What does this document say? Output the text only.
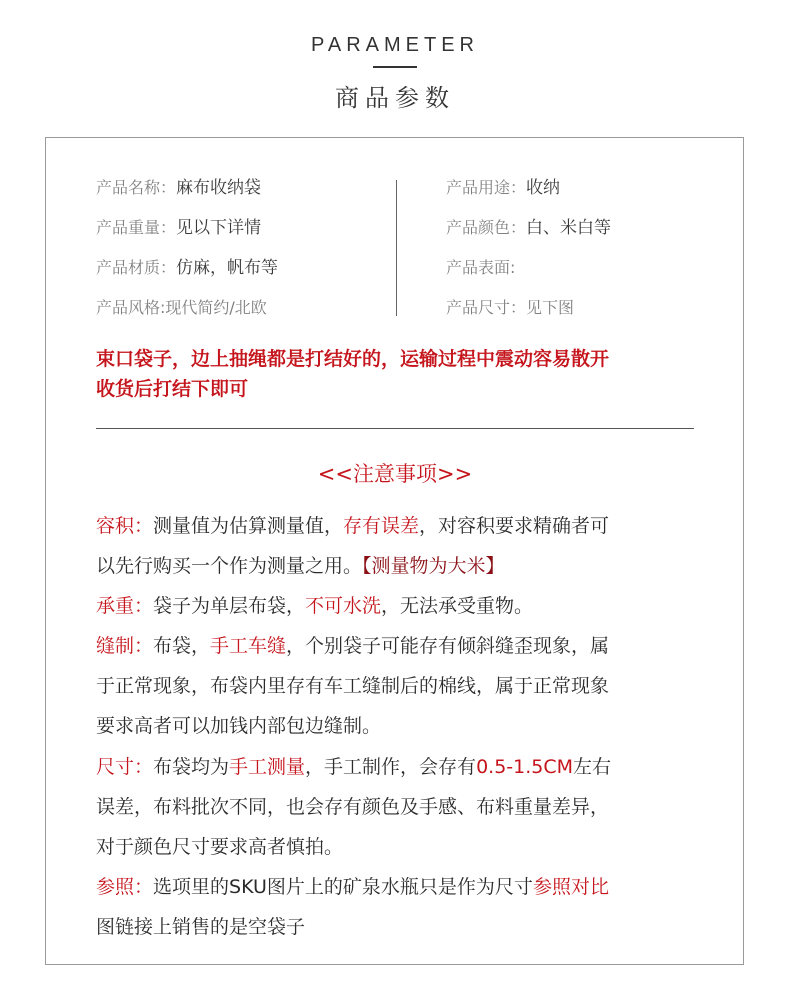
PARAMETER
商品参数
产品名称：麻布收纳袋
产品重量：见以下详情
产品材质：仿麻，帆布等
产品风格:现代简约/北欧
产品用途：收纳
产品颜色：白、米白等
产品表面:
产品尺寸：见下图
束口袋子，边上抽绳都是打结好的，运输过程中震动容易散开
收货后打结下即可
<<注意事项>>
容积：测量值为估算测量值，存有误差，对容积要求精确者可
以先行购买一个作为测量之用。【测量物为大米】
承重：袋子为单层布袋，不可水洗，无法承受重物。
缝制：布袋，手工车缝，个别袋子可能存有倾斜缝歪现象，属
于正常现象，布袋内里存有车工缝制后的棉线，属于正常现象
要求高者可以加钱内部包边缝制。
尺寸：布袋均为手工测量，手工制作，会存有0.5-1.5CM左右
误差，布料批次不同，也会存有颜色及手感、布料重量差异，
对于颜色尺寸要求高者慎拍。
参照：选项里的SKU图片上的矿泉水瓶只是作为尺寸参照对比
图链接上销售的是空袋子
